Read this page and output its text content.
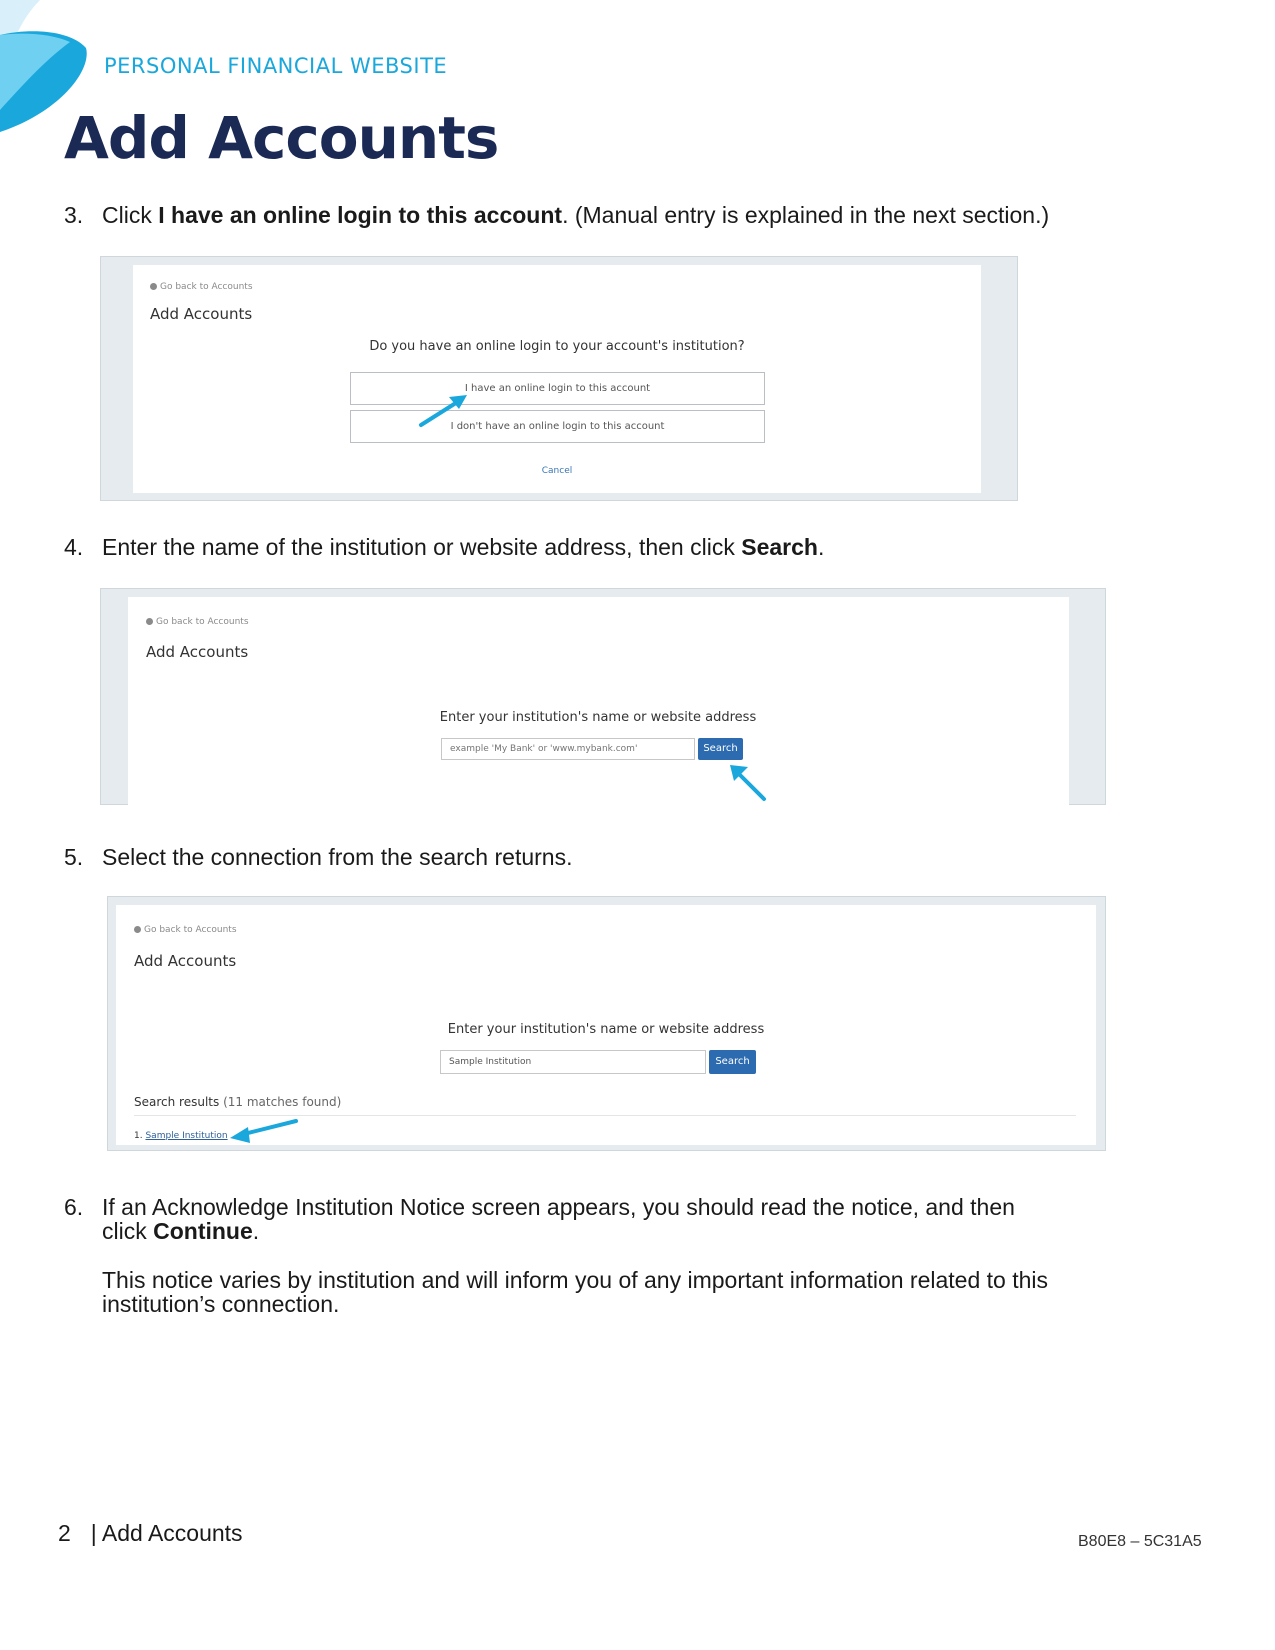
PERSONAL FINANCIAL WEBSITE
Add Accounts
3. Click I have an online login to this account. (Manual entry is explained in the next section.)
Go back to Accounts
Add Accounts
Do you have an online login to your account's institution?
I have an online login to this account
I don't have an online login to this account
Cancel
4. Enter the name of the institution or website address, then click Search.
Go back to Accounts
Add Accounts
Enter your institution's name or website address
example 'My Bank' or 'www.mybank.com'
Search
5. Select the connection from the search returns.
Go back to Accounts
Add Accounts
Enter your institution's name or website address
Sample Institution	Search
Search results (11 matches found)
1. Sample Institution
6. If an Acknowledge Institution Notice screen appears, you should read the notice, and then click Continue.
This notice varies by institution and will inform you of any important information related to this institution’s connection.
2 | Add Accounts	B80E8 – 5C31A5
